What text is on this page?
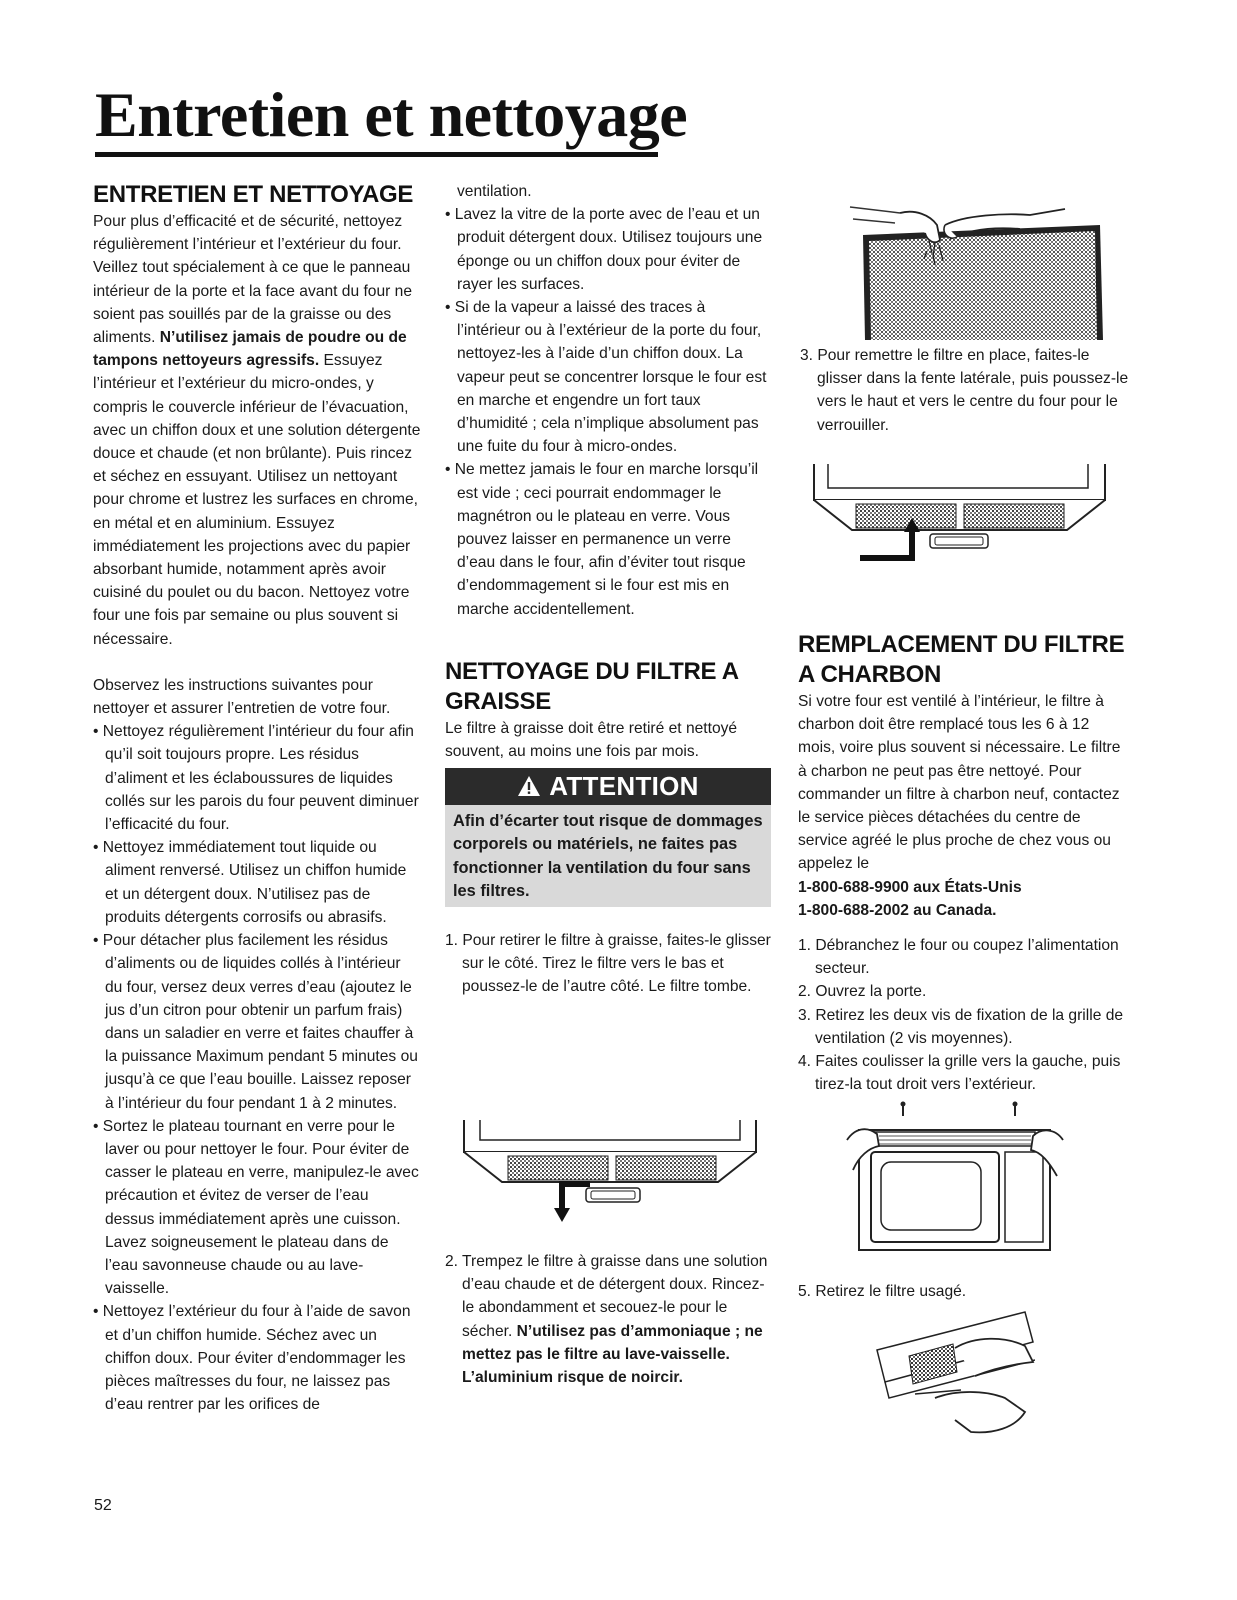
Entretien et nettoyage
ENTRETIEN ET NETTOYAGE

Pour plus d’efficacité et de sécurité, nettoyez régulièrement l’intérieur et l’extérieur du four. Veillez tout spécialement à ce que le panneau intérieur de la porte et la face avant du four ne soient pas souillés par de la graisse ou des aliments. N’utilisez jamais de poudre ou de tampons nettoyeurs agressifs. Essuyez l’intérieur et l’extérieur du micro-ondes, y compris le couvercle inférieur de l’évacuation, avec un chiffon doux et une solution détergente douce et chaude (et non brûlante). Puis rincez et séchez en essuyant. Utilisez un nettoyant pour chrome et lustrez les surfaces en chrome, en métal et en aluminium. Essuyez immédiatement les projections avec du papier absorbant humide, notamment après avoir cuisiné du poulet ou du bacon. Nettoyez votre four une fois par semaine ou plus souvent si nécessaire.

Observez les instructions suivantes pour nettoyer et assurer l’entretien de votre four.

• Nettoyez régulièrement l’intérieur du four afin qu’il soit toujours propre. Les résidus d’aliment et les éclaboussures de liquides collés sur les parois du four peuvent diminuer l’efficacité du four.
• Nettoyez immédiatement tout liquide ou aliment renversé. Utilisez un chiffon humide et un détergent doux. N’utilisez pas de produits détergents corrosifs ou abrasifs.
• Pour détacher plus facilement les résidus d’aliments ou de liquides collés à l’intérieur du four, versez deux verres d’eau (ajoutez le jus d’un citron pour obtenir un parfum frais) dans un saladier en verre et faites chauffer à la puissance Maximum pendant 5 minutes ou jusqu’à ce que l’eau bouille. Laissez reposer à l’intérieur du four pendant 1 à 2 minutes.
• Sortez le plateau tournant en verre pour le laver ou pour nettoyer le four. Pour éviter de casser le plateau en verre, manipulez-le avec précaution et évitez de verser de l’eau dessus immédiatement après une cuisson. Lavez soigneusement le plateau dans de l’eau savonneuse chaude ou au lave-vaisselle.
• Nettoyez l’extérieur du four à l’aide de savon et d’un chiffon humide. Séchez avec un chiffon doux. Pour éviter d’endommager les pièces maîtresses du four, ne laissez pas d’eau rentrer par les orifices de

ventilation.

• Lavez la vitre de la porte avec de l’eau et un produit détergent doux. Utilisez toujours une éponge ou un chiffon doux pour éviter de rayer les surfaces.
• Si de la vapeur a laissé des traces à l’intérieur ou à l’extérieur de la porte du four, nettoyez-les à l’aide d’un chiffon doux. La vapeur peut se concentrer lorsque le four est en marche et engendre un fort taux d’humidité ; cela n’implique absolument pas une fuite du four à micro-ondes.
• Ne mettez jamais le four en marche lorsqu’il est vide ; ceci pourrait endommager le magnétron ou le plateau en verre. Vous pouvez laisser en permanence un verre d’eau dans le four, afin d’éviter tout risque d’endommagement si le four est mis en marche accidentellement.
NETTOYAGE DU FILTRE A GRAISSE

Le filtre à graisse doit être retiré et nettoyé souvent, au moins une fois par mois.

ATTENTION
Afin d’écarter tout risque de dommages corporels ou matériels, ne faites pas fonctionner la ventilation du four sans les filtres.
1. Pour retirer le filtre à graisse, faites-le glisser sur le côté. Tirez le filtre vers le bas et poussez-le de l’autre côté. Le filtre tombe.
2. Trempez le filtre à graisse dans une solution d’eau chaude et de détergent doux. Rincez-le abondamment et secouez-le pour le sécher. N’utilisez pas d’ammoniaque ; ne mettez pas le filtre au lave-vaisselle. L’aluminium risque de noircir.
3. Pour remettre le filtre en place, faites-le glisser dans la fente latérale, puis poussez-le vers le haut et vers le centre du four pour le verrouiller.
REMPLACEMENT DU FILTRE A CHARBON

Si votre four est ventilé à l’intérieur, le filtre à charbon doit être remplacé tous les 6 à 12 mois, voire plus souvent si nécessaire. Le filtre à charbon ne peut pas être nettoyé. Pour commander un filtre à charbon neuf, contactez le service pièces détachées du centre de service agréé le plus proche de chez vous ou appelez le

1-800-688-9900 aux États-Unis

1-800-688-2002 au Canada.

1. Débranchez le four ou coupez l’alimentation secteur.
2. Ouvrez la porte.
3. Retirez les deux vis de fixation de la grille de ventilation (2 vis moyennes).
4. Faites coulisser la grille vers la gauche, puis tirez-la tout droit vers l’extérieur.
5. Retirez le filtre usagé.
52
